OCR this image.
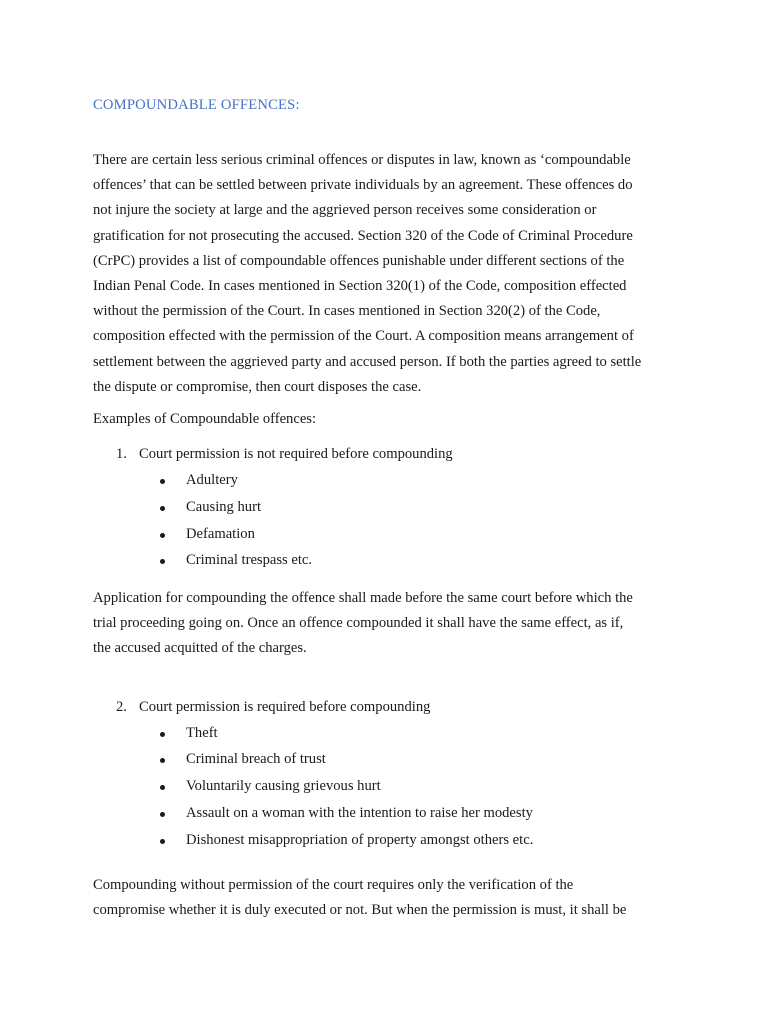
COMPOUNDABLE OFFENCES:
There are certain less serious criminal offences or disputes in law, known as ‘compoundable
offences’ that can be settled between private individuals by an agreement. These offences do
not injure the society at large and the aggrieved person receives some consideration or
gratification for not prosecuting the accused. Section 320 of the Code of Criminal Procedure
(CrPC) provides a list of compoundable offences punishable under different sections of the
Indian Penal Code. In cases mentioned in Section 320(1) of the Code, composition effected
without the permission of the Court. In cases mentioned in Section 320(2) of the Code,
composition effected with the permission of the Court. A composition means arrangement of
settlement between the aggrieved party and accused person. If both the parties agreed to settle
the dispute or compromise, then court disposes the case.
Examples of Compoundable offences:
1. Court permission is not required before compounding
Adultery
Causing hurt
Defamation
Criminal trespass etc.
Application for compounding the offence shall made before the same court before which the
trial proceeding going on. Once an offence compounded it shall have the same effect, as if,
the accused acquitted of the charges.
2. Court permission is required before compounding
Theft
Criminal breach of trust
Voluntarily causing grievous hurt
Assault on a woman with the intention to raise her modesty
Dishonest misappropriation of property amongst others etc.
Compounding without permission of the court requires only the verification of the
compromise whether it is duly executed or not. But when the permission is must, it shall be
